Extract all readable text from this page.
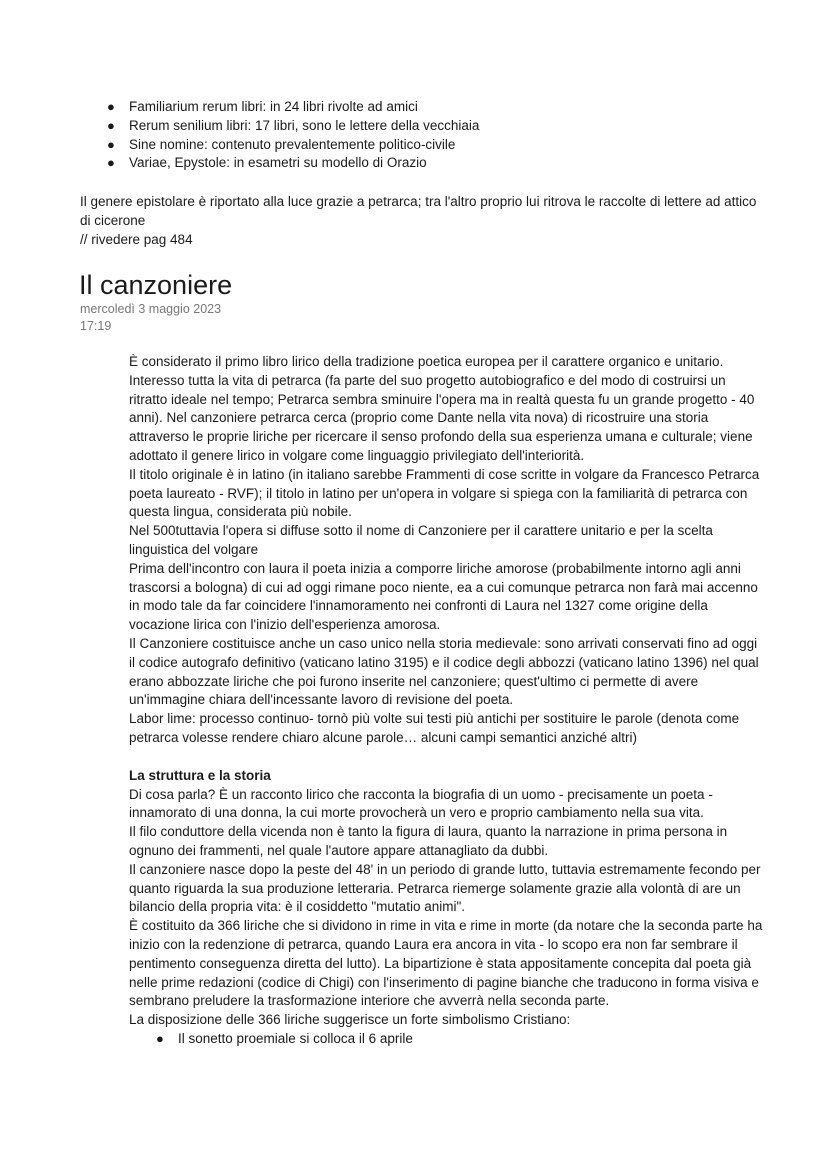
● Familiarium rerum libri: in 24 libri rivolte ad amici
● Rerum senilium libri: 17 libri, sono le lettere della vecchiaia
● Sine nomine: contenuto prevalentemente politico-civile
● Variae, Epystole: in esametri su modello di Orazio

Il genere epistolare è riportato alla luce grazie a petrarca; tra l'altro proprio lui ritrova le raccolte di lettere ad attico di cicerone

// rivedere pag 484

Il canzoniere
mercoledì 3 maggio 2023
17:19

È considerato il primo libro lirico della tradizione poetica europea per il carattere organico e unitario. Interesso tutta la vita di petrarca (fa parte del suo progetto autobiografico e del modo di costruirsi un ritratto ideale nel tempo; Petrarca sembra sminuire l'opera ma in realtà questa fu un grande progetto - 40 anni). Nel canzoniere petrarca cerca (proprio come Dante nella vita nova) di ricostruire una storia attraverso le proprie liriche per ricercare il senso profondo della sua esperienza umana e culturale; viene adottato il genere lirico in volgare come linguaggio privilegiato dell'interiorità.

Il titolo originale è in latino (in italiano sarebbe Frammenti di cose scritte in volgare da Francesco Petrarca poeta laureato - RVF); il titolo in latino per un'opera in volgare si spiega con la familiarità di petrarca con questa lingua, considerata più nobile.

Nel 500tuttavia l'opera si diffuse sotto il nome di Canzoniere per il carattere unitario e per la scelta linguistica del volgare

Prima dell'incontro con laura il poeta inizia a comporre liriche amorose (probabilmente intorno agli anni trascorsi a bologna) di cui ad oggi rimane poco niente, ea a cui comunque petrarca non farà mai accenno in modo tale da far coincidere l'innamoramento nei confronti di Laura nel 1327 come origine della vocazione lirica con l'inizio dell'esperienza amorosa.

Il Canzoniere costituisce anche un caso unico nella storia medievale: sono arrivati conservati fino ad oggi il codice autografo definitivo (vaticano latino 3195) e il codice degli abbozzi (vaticano latino 1396) nel qual erano abbozzate liriche che poi furono inserite nel canzoniere; quest'ultimo ci permette di avere un'immagine chiara dell'incessante lavoro di revisione del poeta.

Labor lime: processo continuo- tornò più volte sui testi più antichi per sostituire le parole (denota come petrarca volesse rendere chiaro alcune parole… alcuni campi semantici anziché altri)

La struttura e la storia

Di cosa parla? È un racconto lirico che racconta la biografia di un uomo - precisamente un poeta - innamorato di una donna, la cui morte provocherà un vero e proprio cambiamento nella sua vita.

Il filo conduttore della vicenda non è tanto la figura di laura, quanto la narrazione in prima persona in ognuno dei frammenti, nel quale l'autore appare attanagliato da dubbi.

Il canzoniere nasce dopo la peste del 48' in un periodo di grande lutto, tuttavia estremamente fecondo per quanto riguarda la sua produzione letteraria. Petrarca riemerge solamente grazie alla volontà di are un bilancio della propria vita: è il cosiddetto "mutatio animi".

È costituito da 366 liriche che si dividono in rime in vita e rime in morte (da notare che la seconda parte ha inizio con la redenzione di petrarca, quando Laura era ancora in vita - lo scopo era non far sembrare il pentimento conseguenza diretta del lutto). La bipartizione è stata appositamente concepita dal poeta già nelle prime redazioni (codice di Chigi) con l'inserimento di pagine bianche che traducono in forma visiva e sembrano preludere la trasformazione interiore che avverrà nella seconda parte.

La disposizione delle 366 liriche suggerisce un forte simbolismo Cristiano:

● Il sonetto proemiale si colloca il 6 aprile
